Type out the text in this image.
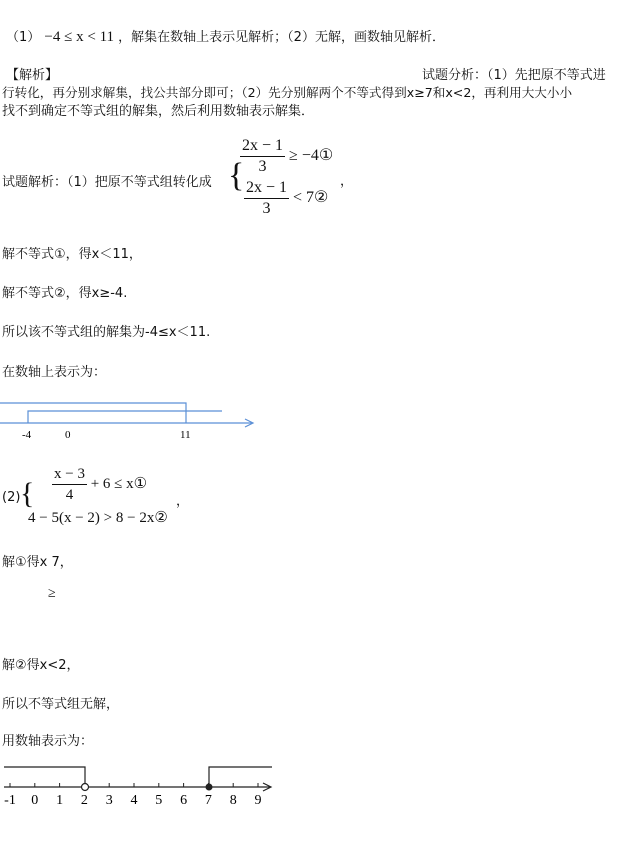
（1） −4 ≤ x < 11 ，解集在数轴上表示见解析；（2）无解，画数轴见解析．
【解析】	试题分析：（1）先把原不等式进
行转化，再分别求解集，找公共部分即可；（2）先分别解两个不等式得到x≥7和x<2，再利用大大小小
找不到确定不等式组的解集，然后利用数轴表示解集．
试题解析：（1）把原不等式组转化成 {
$\frac{2x - 1}{3}$ ≥ −4①
$\frac{2x - 1}{3}$ < 7②
，
解不等式①，得x＜11，
解不等式②，得x≥-4.
所以该不等式组的解集为-4≤x＜11.
在数轴上表示为：
-4	0	11
(2) { $\frac{x - 3}{4} + 6$ ≤ x①
4 − 5(x − 2) > 8 − 2x②
，
解①得x 7，
≥
解②得x<2，
所以不等式组无解，
用数轴表示为：
-1 0 1 2 3 4 5 6 7 8 9
